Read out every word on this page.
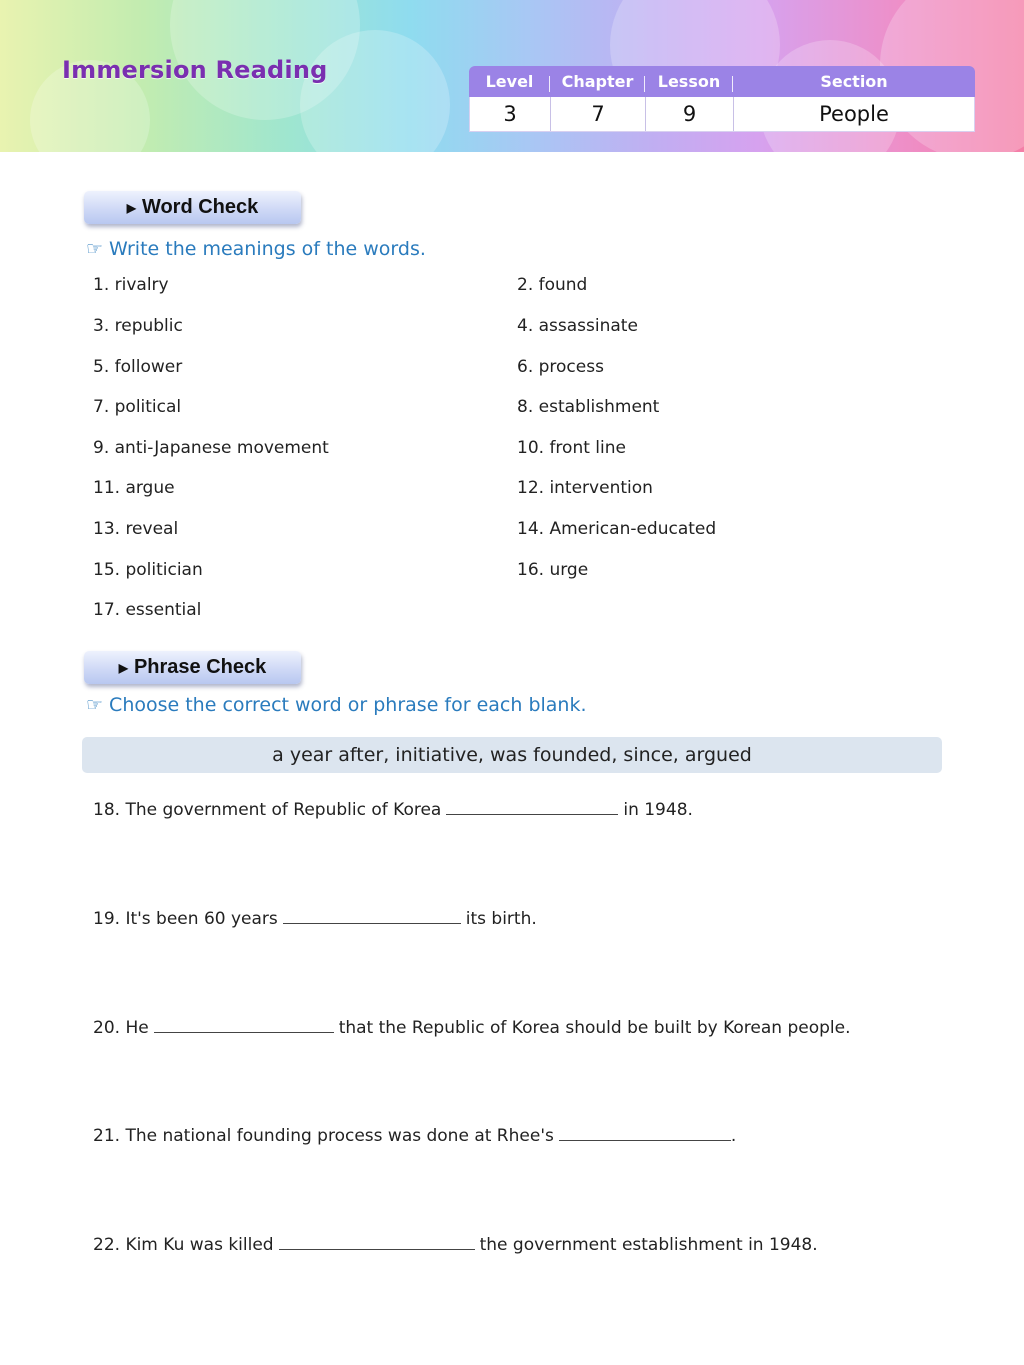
Immersion Reading	Level	Chapter	Lesson	Section
3	7	9	People
▶ Word Check
☞ Write the meanings of the words.
1. rivalry	2. found
3. republic	4. assassinate
5. follower	6. process
7. political	8. establishment
9. anti-Japanese movement	10. front line
11. argue	12. intervention
13. reveal	14. American-educated
15. politician	16. urge
17. essential
▶ Phrase Check
☞ Choose the correct word or phrase for each blank.
a year after, initiative, was founded, since, argued
18. The government of Republic of Korea	in 1948.
19. It's been 60 years	its birth.
20. He	that the Republic of Korea should be built by Korean people.
21. The national founding process was done at Rhee's	.
22. Kim Ku was killed	the government establishment in 1948.
